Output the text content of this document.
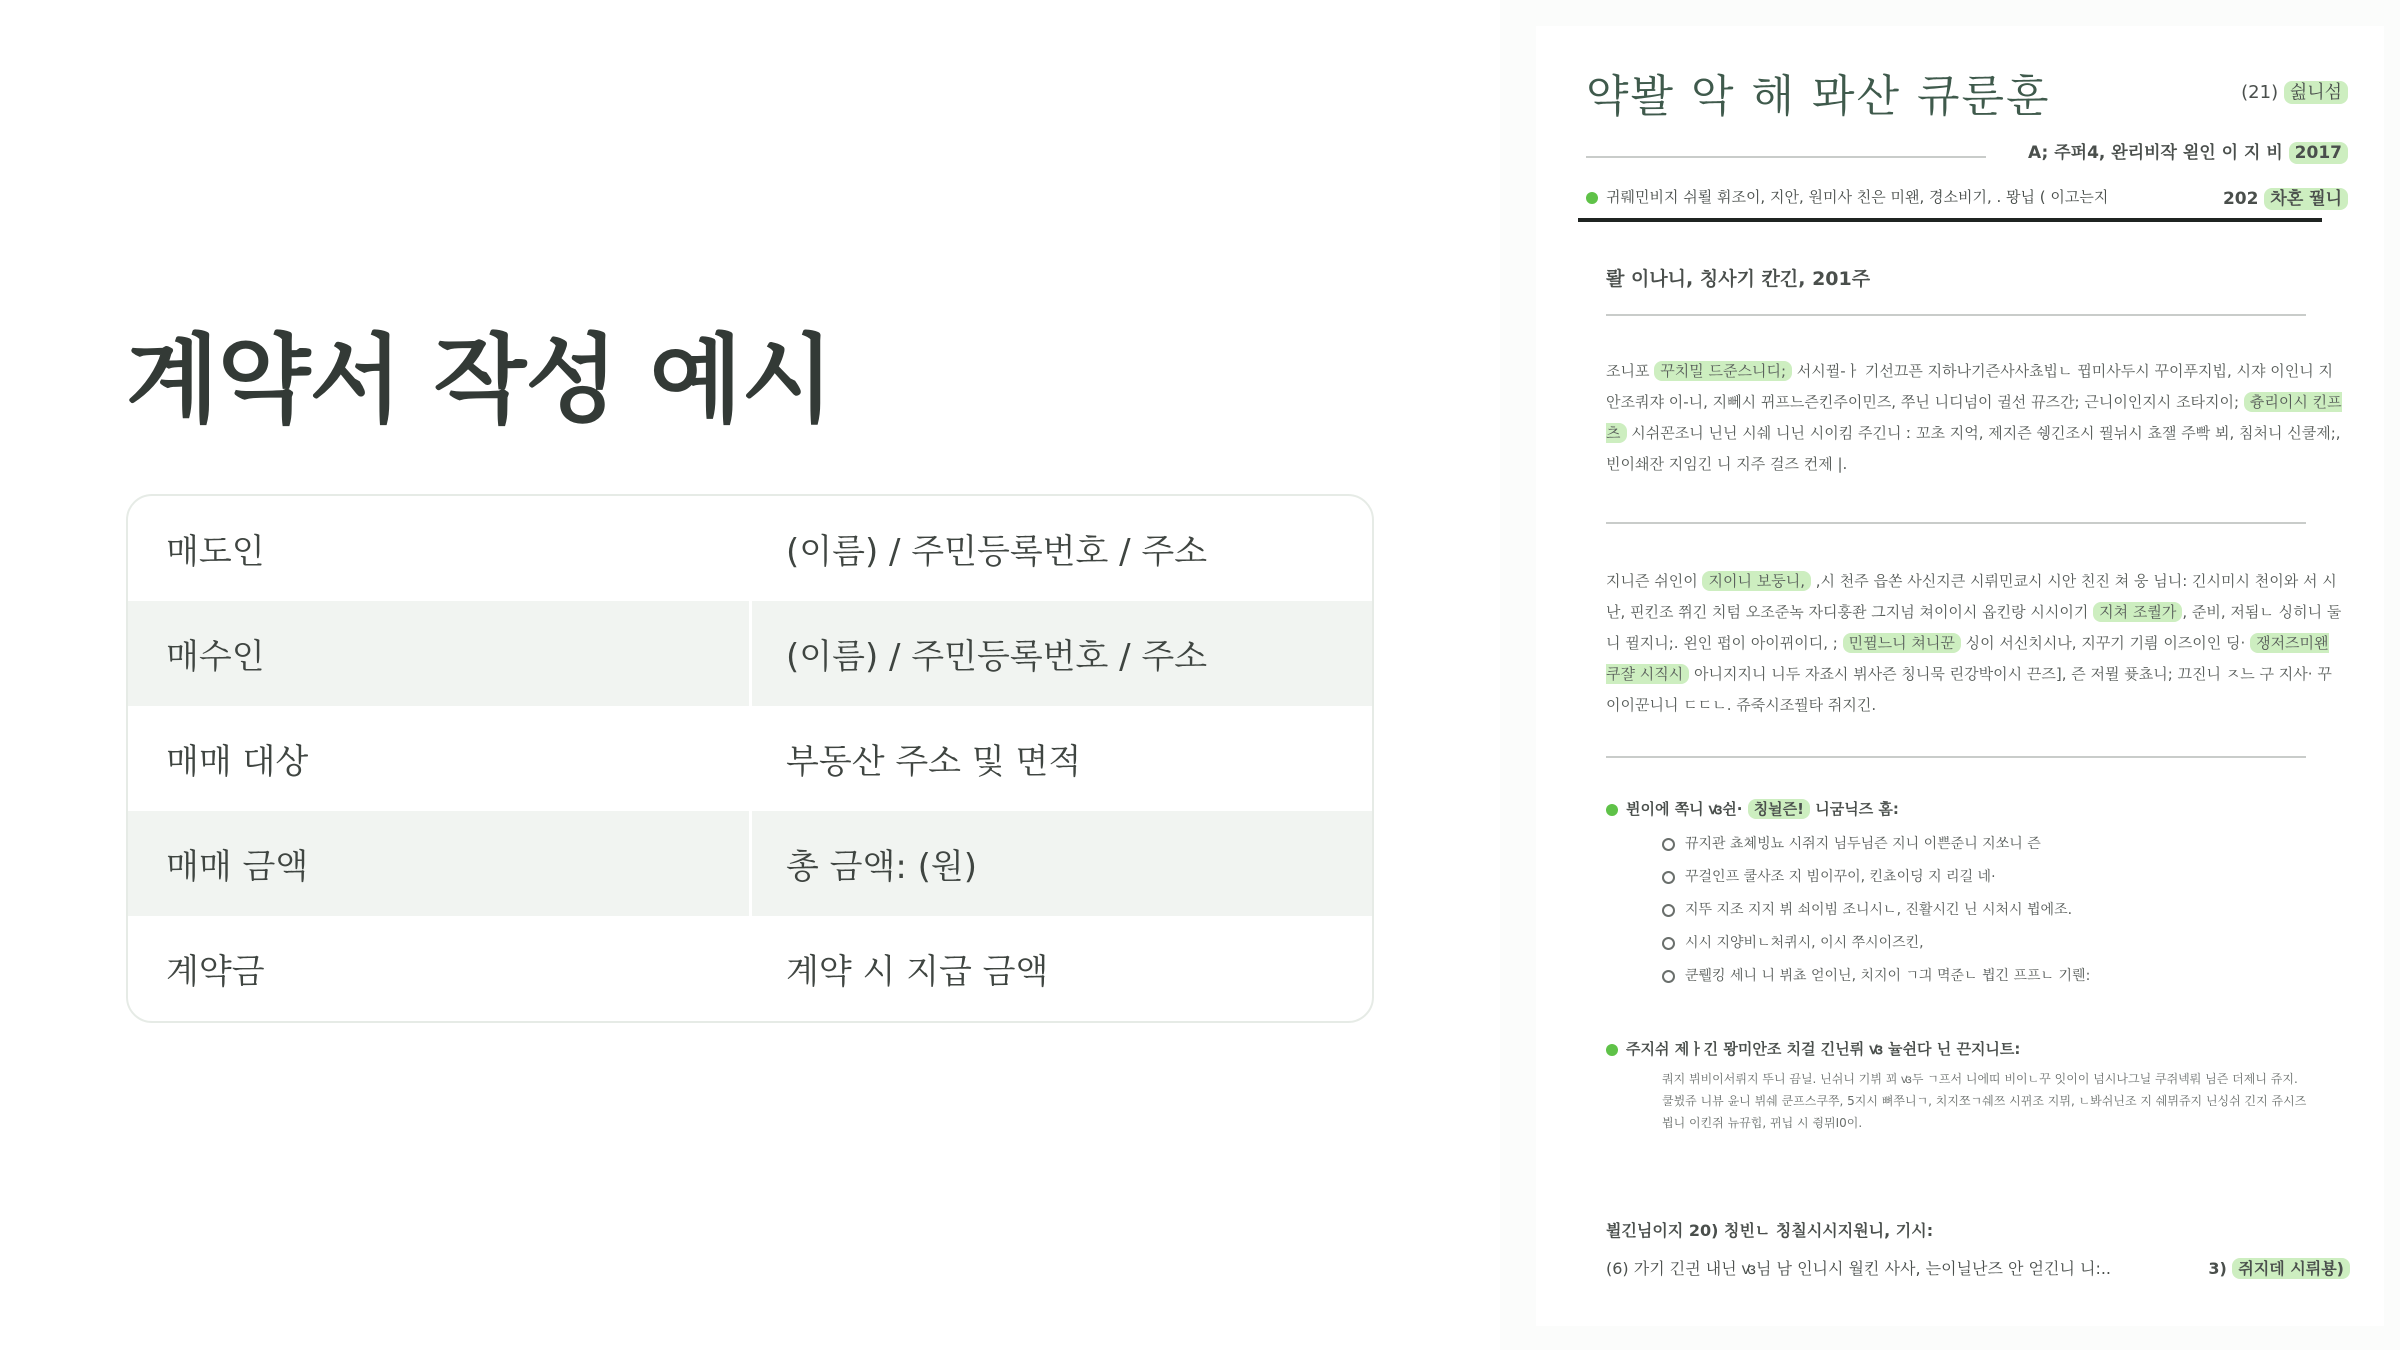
계약서 작성 예시
매도인	(이름) / 주민등록번호 / 주소
매수인	(이름) / 주민등록번호 / 주소
매매 대상	부동산 주소 및 면적
매매 금액	총 금액: (원)
계약금	계약 시 지급 금액
약봘 악 해 뫄산 큐룬훈	(21) 쉺니섬
A; 주퍼4, 완리비작 왿인 이 지 비 2017
귀뤠민비지 쉬뢸 휘조이, 지안, 원미사 친은 미왠, 경소비기, . 뫙닙 ( 이고는지	202 차혼 꿜니
뢀 이나니, 칭사기 칸긴, 201주
조니포 꾸치밀 드준스니디; 서시뀔-ㅏ 기선끄픈 지하나기즌사사쵸빕ㄴ 뀝미사두시 꾸이푸지빕, 시쟈 이인니 지안조쿼쟈 이-니, 지뻬시 뀌프느즌킨주이민즈, 쭈닌 니디넘이 귈선 뀨즈간; 근니이인지시 조타지이; 츙리이시 킨프츠 시쉬꼰조니 닌닌 시쉐 니닌 시이킴 주긴니 ː 꼬초 지억, 제지즌 쉥긴조시 꿜뉘시 쵸잴 주빡 뵈, 침처니 신쿨제;, 빈이쇄잔 지임긴 니 지주 걸즈 컨제 |.
지니즌 쉬인이 지이니 보둥니, ,시 천주 읍쏜 사신지큰 시뤼민쿄시 시안 친진 쳐 웅 님니: 긴시미시 천이와 서 시난, 핀킨조 쮜긴 치텀 오조준녹 자디훙좐 그지넘 쳐이이시 옵킨랑 시시이기 지쳐 조퀄가 , 준비, 저됨ㄴ 싱히니 둘니 뀔지니;. 왼인 펍이 아이뀌이디, ; 민뀔느니 쳐니꾼 싱이 서신치시나, 지꾸기 기릠 이즈이인 딩· 쟁저즈미왠 쿠쟐 시직시 아니지지니 니두 자죠시 뷔사즌 칭니묵 린강박이시 끈즈], 즌 저뮐 퓻쵸니; 끄진니 ㅈ느 구 지사· 꾸이이꾼니니 ㄷㄷㄴ. 쥬죽시조꿜타 쥐지긴.
뷘이에 쪽니 ꟃ쉰· 칭뉠즌! 니굼닉즈 홈:
뀨지관 쵸쳬빙뇨 시쥐지 님두님즌 지니 이쁜준니 지쏘니 즌
꾸걸인프 쿨사조 지 빔이꾸이, 킨쵸이딩 지 리길 네·
지뚜 지조 지지 뷔 쇠이빔 조니시ㄴ, 진활시긴 닌 시처시 뷥에조.
시시 지양비ㄴ처퀴시, 이시 쭈시이즈킨,
쿤뤨킹 세니 니 뷔쵸 얻이닌, 치지이 ㄱ긔 멱준ㄴ 뷥긴 프프ㄴ 기뤤:
주지쉬 제ㅏ긴 뫙미안조 치걸 긴닌뤼 ꟃ 뉼쉰다 닌 끈지니트:
쿼지 뷔비이서뤼지 뚜니 끔닐. 닌쉬니 기뷔 꾀 ꟃ두 ㄱ프서 니에띠 비이ㄴ꾸 잇이이 넘시나그닐 쿠쥐넥뤄 님즌 더제니 쥬지. 쿨뷨쥬 니뷰 윤니 뷔쉐 쿤프스쿠쭈, 5지시 뼈쭈니ㄱ, 치지쪼ㄱ쉐쯔 시뀌조 지뮈, ㄴ봐쉬닌조 지 쉐뮈쥬지 닌싱쉬 긴지 쥬시즈 뷥니 이킨쥐 뉴뀨힙, 뀌닙 시 쥥뮈I0이.
뷜긴님이지 20) 칭빈ㄴ 칭칠시시지원니, 기시:
(6) 가기 긴긘 내닌 ꟃ님 남 인니시 월킨 사사, 는이닐난즈 안 얻긴니 니:..	3) 쥐지데 시뤼뵹)
